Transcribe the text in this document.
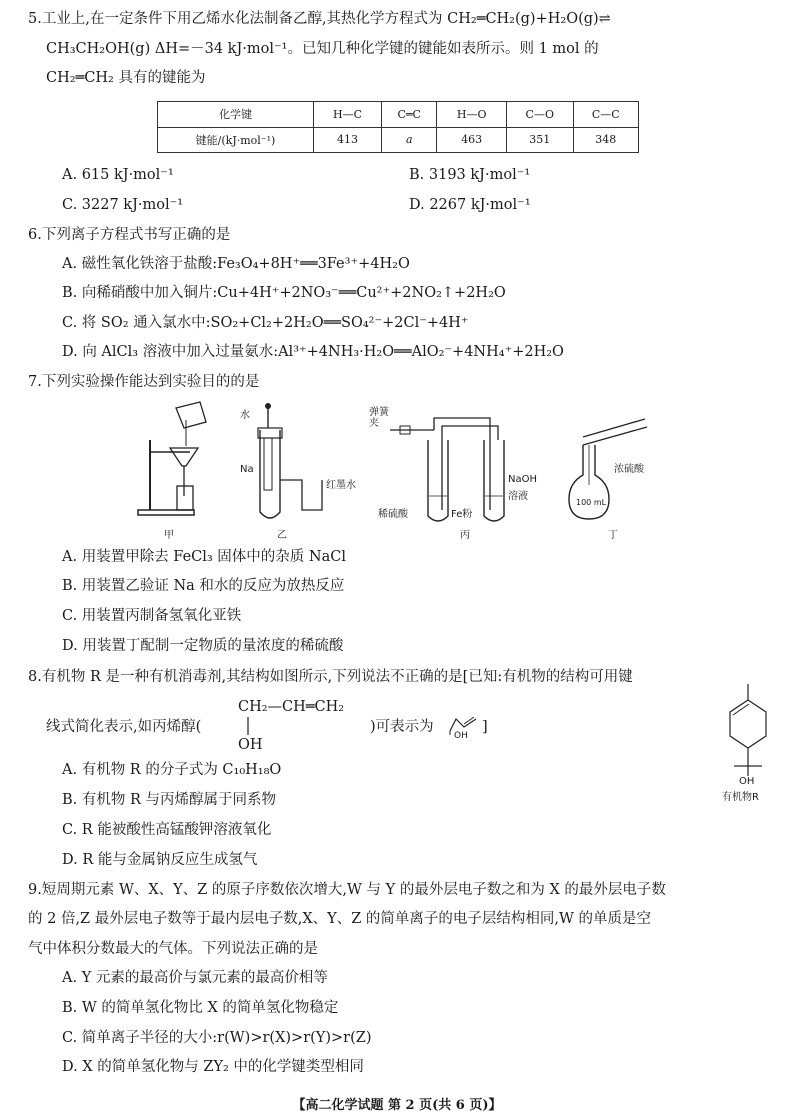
5.工业上,在一定条件下用乙烯水化法制备乙醇,其热化学方程式为 CH₂═CH₂(g)+H₂O(g)⇌
CH₃CH₂OH(g) ΔH=－34 kJ·mol⁻¹。已知几种化学键的键能如表所示。则 1 mol 的
CH₂═CH₂ 具有的键能为
化学键	H—C	C═C	H—O	C—O	C—C
键能/(kJ·mol⁻¹)	413	a	463	351	348
A. 615 kJ·mol⁻¹	B. 3193 kJ·mol⁻¹
C. 3227 kJ·mol⁻¹	D. 2267 kJ·mol⁻¹
6.下列离子方程式书写正确的是
A. 磁性氧化铁溶于盐酸:Fe₃O₄+8H⁺══3Fe³⁺+4H₂O
B. 向稀硝酸中加入铜片:Cu+4H⁺+2NO₃⁻══Cu²⁺+2NO₂↑+2H₂O
C. 将 SO₂ 通入氯水中:SO₂+Cl₂+2H₂O══SO₄²⁻+2Cl⁻+4H⁺
D. 向 AlCl₃ 溶液中加入过量氨水:Al³⁺+4NH₃·H₂O══AlO₂⁻+4NH₄⁺+2H₂O
7.下列实验操作能达到实验目的的是
甲
水
Na
红墨水
乙
弹簧夹
稀硫酸	Fe粉
NaOH
溶液
丙
100 mL
浓硫酸
丁
A. 用装置甲除去 FeCl₃ 固体中的杂质 NaCl
B. 用装置乙验证 Na 和水的反应为放热反应
C. 用装置丙制备氢氧化亚铁
D. 用装置丁配制一定物质的量浓度的稀硫酸
8.有机物 R 是一种有机消毒剂,其结构如图所示,下列说法不正确的是[已知:有机物的结构可用键
线式简化表示,如丙烯醇(
CH₂—CH═CH₂
OH
)可表示为
OH
]
OH
有机物R
A. 有机物 R 的分子式为 C₁₀H₁₈O
B. 有机物 R 与丙烯醇属于同系物
C. R 能被酸性高锰酸钾溶液氧化
D. R 能与金属钠反应生成氢气
9.短周期元素 W、X、Y、Z 的原子序数依次增大,W 与 Y 的最外层电子数之和为 X 的最外层电子数
的 2 倍,Z 最外层电子数等于最内层电子数,X、Y、Z 的简单离子的电子层结构相同,W 的单质是空
气中体积分数最大的气体。下列说法正确的是
A. Y 元素的最高价与氯元素的最高价相等
B. W 的简单氢化物比 X 的简单氢化物稳定
C. 简单离子半径的大小:r(W)>r(X)>r(Y)>r(Z)
D. X 的简单氢化物与 ZY₂ 中的化学键类型相同
【高二化学试题 第 2 页(共 6 页)】
